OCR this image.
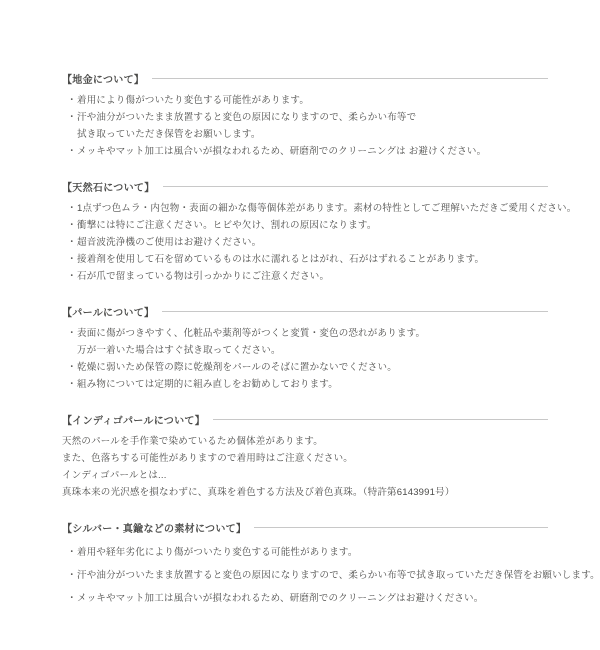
【地金について】
・ 着用により傷がついたり変色する可能性があります。
・ 汗や油分がついたまま放置すると変色の原因になりますので、柔らかい布等で
拭き取っていただき保管をお願いします。
・ メッキやマット加工は風合いが損なわれるため、研磨剤でのクリーニングは お避けください。
【天然石について】
・ 1点ずつ色ムラ・内包物・表面の細かな傷等個体差があります。素材の特性としてご理解いただきご愛用ください。
・ 衝撃には特にご注意ください。ヒビや欠け、割れの原因になります。
・ 超音波洗浄機のご使用はお避けください。
・ 接着剤を使用して石を留めているものは水に濡れるとはがれ、石がはずれることがあります。
・ 石が爪で留まっている物は引っかかりにご注意ください。
【パールについて】
・ 表面に傷がつきやすく、化粧品や薬剤等がつくと変質・変色の恐れがあります。
万が一着いた場合はすぐ拭き取ってください。
・ 乾燥に弱いため保管の際に乾燥剤をパールのそばに置かないでください。
・ 組み物については定期的に組み直しをお勧めしております。
【インディゴパールについて】
天然のパールを手作業で染めているため個体差があります。
また、色落ちする可能性がありますので着用時はご注意ください。
インディゴパールとは...
真珠本来の光沢感を損なわずに、真珠を着色する方法及び着色真珠。（特許第6143991号）
【シルバー・真鍮などの素材について】
・ 着用や経年劣化により傷がついたり変色する可能性があります。
・ 汗や油分がついたまま放置すると変色の原因になりますので、柔らかい布等で拭き取っていただき保管をお願いします。
・ メッキやマット加工は風合いが損なわれるため、研磨剤でのクリーニングはお避けください。
